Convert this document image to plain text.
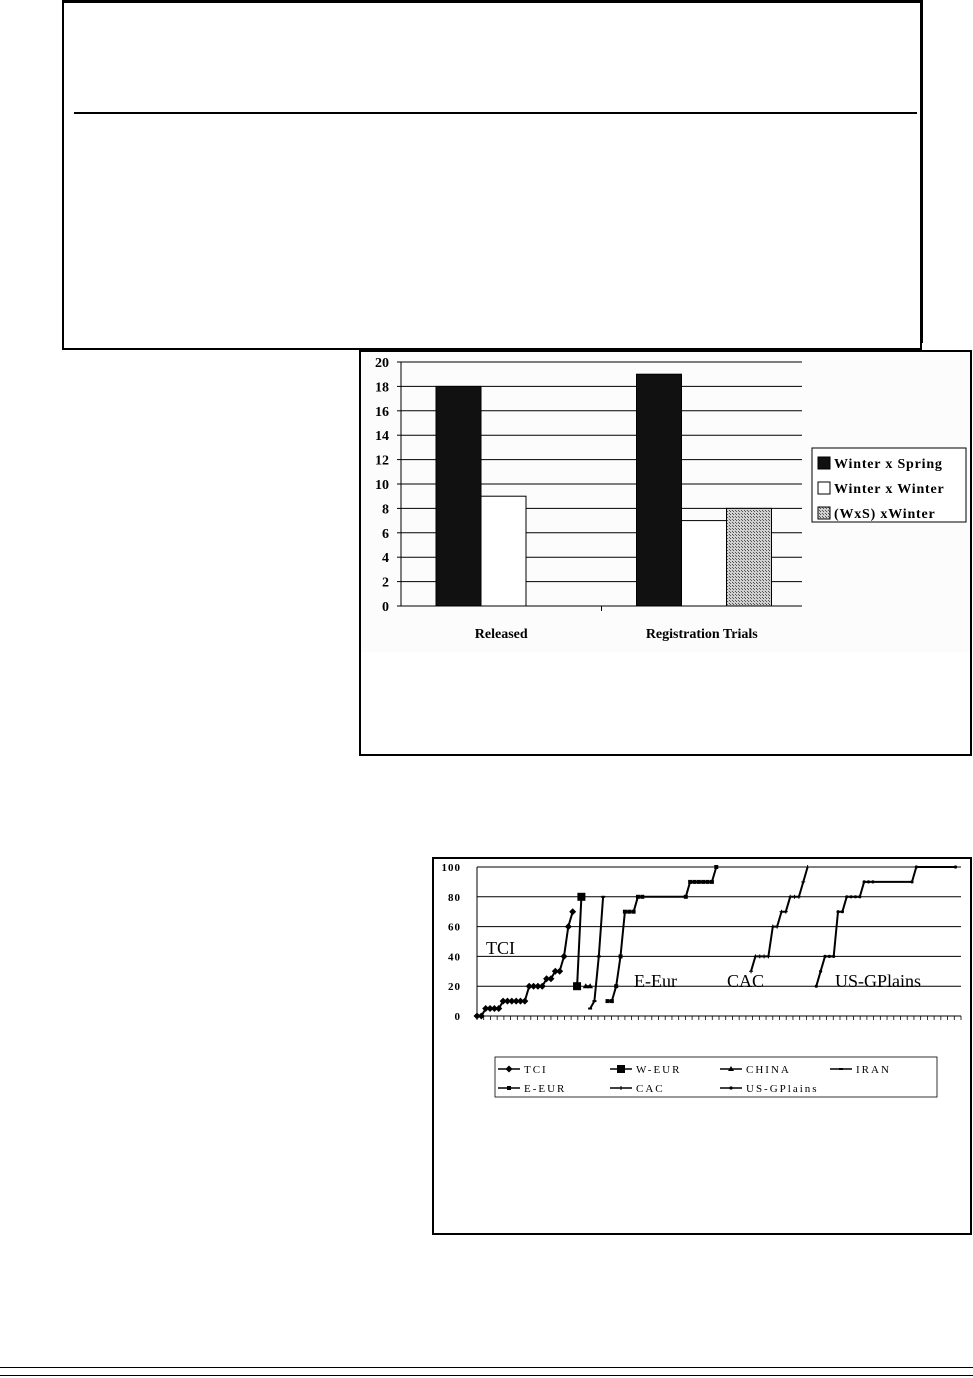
0
2
4
6
8
10
12
14
16
18
20
Released	Registration Trials
Winter x Spring
Winter x Winter
(WxS) xWinter
0
20
40
60
80
100
TCI
E-Eur	CAC	US-GPlains
TCI	W-EUR	CHINA	IRAN
E-EUR	CAC	US-GPlains
